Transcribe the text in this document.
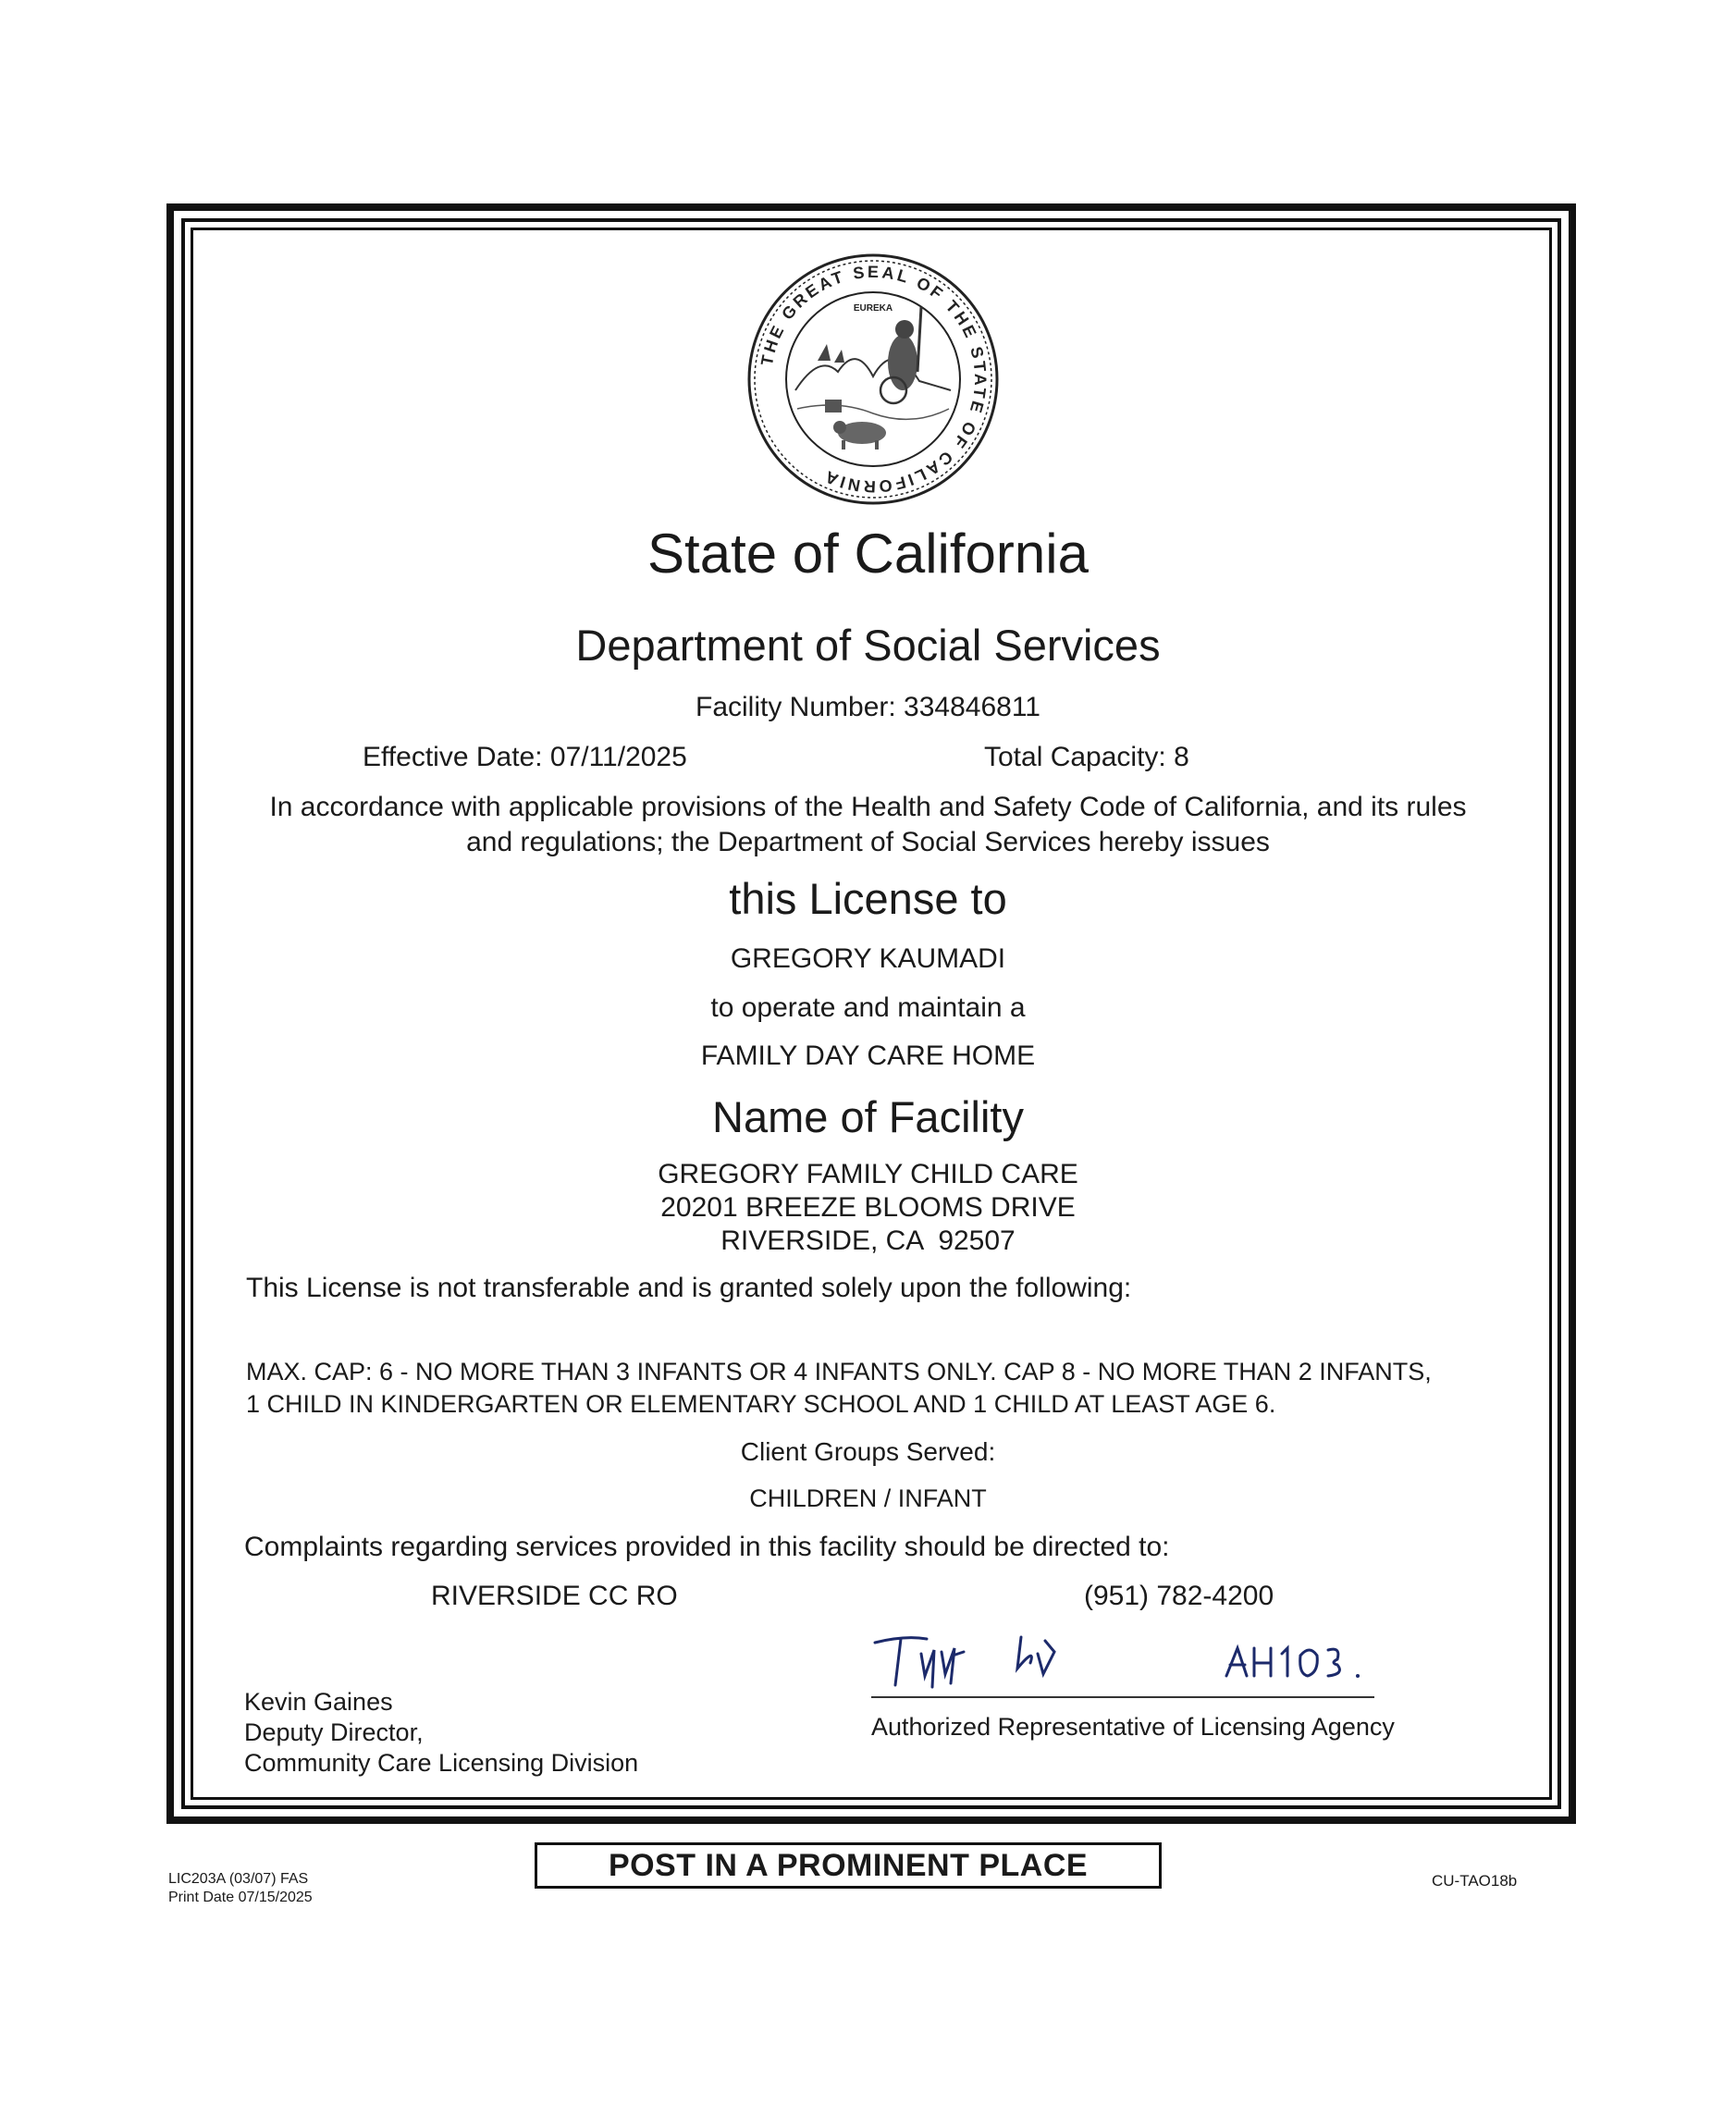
THE GREAT SEAL OF THE STATE OF CALIFORNIA
EUREKA
State of California
Department of Social Services
Facility Number: 334846811
Effective Date: 07/11/2025	Total Capacity: 8
In accordance with applicable provisions of the Health and Safety Code of California, and its rules
and regulations; the Department of Social Services hereby issues
this License to
GREGORY KAUMADI
to operate and maintain a
FAMILY DAY CARE HOME
Name of Facility
GREGORY FAMILY CHILD CARE
20201 BREEZE BLOOMS DRIVE
RIVERSIDE, CA  92507
This License is not transferable and is granted solely upon the following:
MAX. CAP: 6 - NO MORE THAN 3 INFANTS OR 4 INFANTS ONLY. CAP 8 - NO MORE THAN 2 INFANTS,
1 CHILD IN KINDERGARTEN OR ELEMENTARY SCHOOL AND 1 CHILD AT LEAST AGE 6.
Client Groups Served:
CHILDREN / INFANT
Complaints regarding services provided in this facility should be directed to:
RIVERSIDE CC RO	(951) 782-4200
Authorized Representative of Licensing Agency
Kevin Gaines
Deputy Director,
Community Care Licensing Division
POST IN A PROMINENT PLACE
LIC203A (03/07) FAS
Print Date 07/15/2025
CU-TAO18b
